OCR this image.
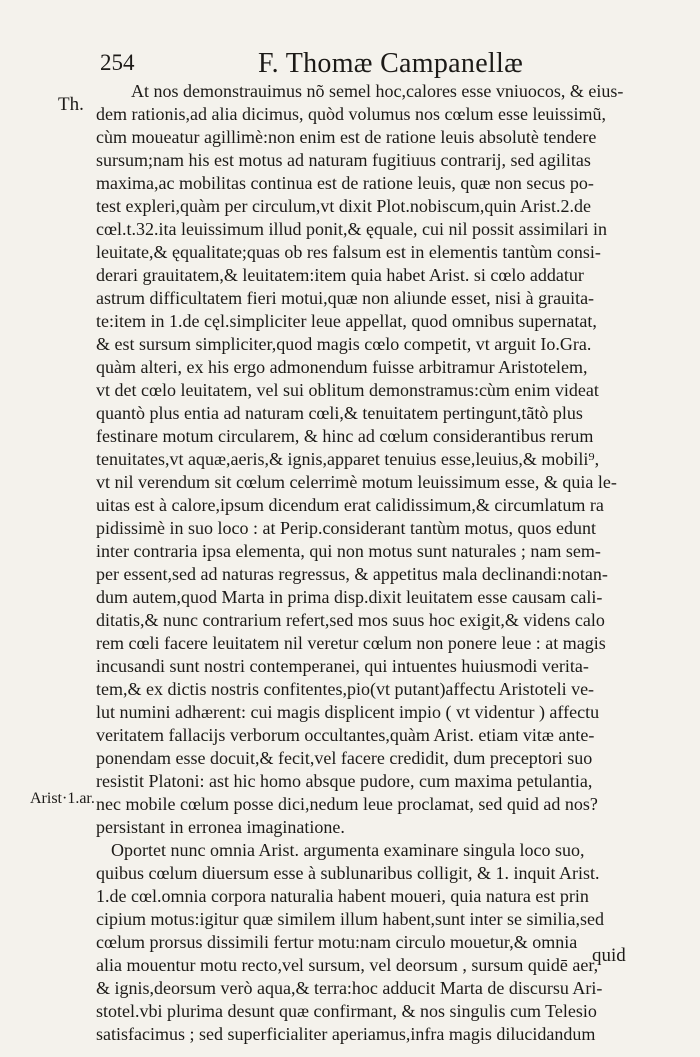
254	F. Thomæ Campanellæ
Th.
Arist·1.ar.
At nos demonstrauimus nõ semel hoc,calores esse vniuocos, & eius-
dem rationis,ad alia dicimus, quòd volumus nos cœlum esse leuissimũ,
cùm moueatur agillimè:non enim est de ratione leuis absolutè tendere
sursum;nam his est motus ad naturam fugitiuus contrarij, sed agilitas
maxima,ac mobilitas continua est de ratione leuis, quæ non secus po-
test expleri,quàm per circulum,vt dixit Plot.nobiscum,quin Arist.2.de
cœl.t.32.ita leuissimum illud ponit,& ęquale, cui nil possit assimilari in
leuitate,& ęqualitate;quas ob res falsum est in elementis tantùm consi-
derari grauitatem,& leuitatem:item quia habet Arist. si cœlo addatur
astrum difficultatem fieri motui,quæ non aliunde esset, nisi à grauita-
te:item in 1.de cęl.simpliciter leue appellat, quod omnibus supernatat,
& est sursum simpliciter,quod magis cœlo competit, vt arguit Io.Gra.
quàm alteri, ex his ergo admonendum fuisse arbitramur Aristotelem,
vt det cœlo leuitatem, vel sui oblitum demonstramus:cùm enim videat
quantò plus entia ad naturam cœli,& tenuitatem pertingunt,tãtò plus
festinare motum circularem, & hinc ad cœlum considerantibus rerum
tenuitates,vt aquæ,aeris,& ignis,apparet tenuius esse,leuius,& mobili⁹,
vt nil verendum sit cœlum celerrimè motum leuissimum esse, & quia le-
uitas est à calore,ipsum dicendum erat calidissimum,& circumlatum ra
pidissimè in suo loco : at Perip.considerant tantùm motus, quos edunt
inter contraria ipsa elementa, qui non motus sunt naturales ; nam sem-
per essent,sed ad naturas regressus, & appetitus mala declinandi:notan-
dum autem,quod Marta in prima disp.dixit leuitatem esse causam cali-
ditatis,& nunc contrarium refert,sed mos suus hoc exigit,& videns calo
rem cœli facere leuitatem nil veretur cœlum non ponere leue : at magis
incusandi sunt nostri contemperanei, qui intuentes huiusmodi verita-
tem,& ex dictis nostris confitentes,pio(vt putant)affectu Aristoteli ve-
lut numini adhærent: cui magis displicent impio ( vt videntur ) affectu
veritatem fallacijs verborum occultantes,quàm Arist. etiam vitæ ante-
ponendam esse docuit,& fecit,vel facere credidit, dum preceptori suo
resistit Platoni: ast hic homo absque pudore, cum maxima petulantia,
nec mobile cœlum posse dici,nedum leue proclamat, sed quid ad nos?
persistant in erronea imaginatione.
Oportet nunc omnia Arist. argumenta examinare singula loco suo,
quibus cœlum diuersum esse à sublunaribus colligit, & 1. inquit Arist.
1.de cœl.omnia corpora naturalia habent moueri, quia natura est prin
cipium motus:igitur quæ similem illum habent,sunt inter se similia,sed
cœlum prorsus dissimili fertur motu:nam circulo mouetur,& omnia
alia mouentur motu recto,vel sursum, vel deorsum , sursum quidē aer,
& ignis,deorsum verò aqua,& terra:hoc adducit Marta de discursu Ari-
stotel.vbi plurima desunt quæ confirmant, & nos singulis cum Telesio
satisfacimus ; sed superficialiter aperiamus,infra magis dilucidandum
quid
